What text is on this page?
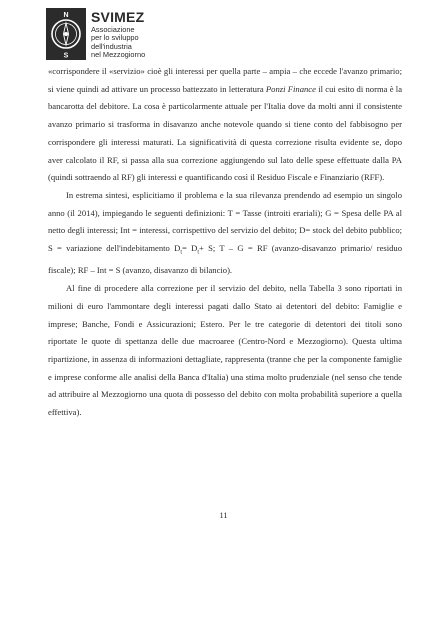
N
S
SVIMEZ
Associazione
per lo sviluppo
dell'industria
nel Mezzogiorno

«corrispondere il «servizio» cioè gli interessi per quella parte – ampia – che eccede l'avanzo primario; si viene quindi ad attivare un processo battezzato in letteratura Ponzi Finance il cui esito di norma è la bancarotta del debitore. La cosa è particolarmente attuale per l'Italia dove da molti anni il consistente avanzo primario si trasforma in disavanzo anche notevole quando si tiene conto del fabbisogno per corrispondere gli interessi maturati. La significatività di questa correzione risulta evidente se, dopo aver calcolato il RF, si passa alla sua correzione aggiungendo sul lato delle spese effettuate dalla PA (quindi sottraendo al RF) gli interessi e quantificando così il Residuo Fiscale e Finanziario (RFF).

In estrema sintesi, esplicitiamo il problema e la sua rilevanza prendendo ad esempio un singolo anno (il 2014), impiegando le seguenti definizioni: T = Tasse (introiti erariali); G = Spesa delle PA al netto degli interessi; Int = interessi, corrispettivo del servizio del debito; D= stock del debito pubblico; S = variazione dell'indebitamento $D_t= D_t+ S$; T – G = RF (avanzo-disavanzo primario/ residuo fiscale); RF – Int = S (avanzo, disavanzo di bilancio).

Al fine di procedere alla correzione per il servizio del debito, nella Tabella 3 sono riportati in milioni di euro l'ammontare degli interessi pagati dallo Stato ai detentori del debito: Famiglie e imprese; Banche, Fondi e Assicurazioni; Estero. Per le tre categorie di detentori dei titoli sono riportate le quote di spettanza delle due macroaree (Centro-Nord e Mezzogiorno). Questa ultima ripartizione, in assenza di informazioni dettagliate, rappresenta (tranne che per la componente famiglie e imprese conforme alle analisi della Banca d'Italia) una stima molto prudenziale (nel senso che tende ad attribuire al Mezzogiorno una quota di possesso del debito con molta probabilità superiore a quella effettiva).

11
